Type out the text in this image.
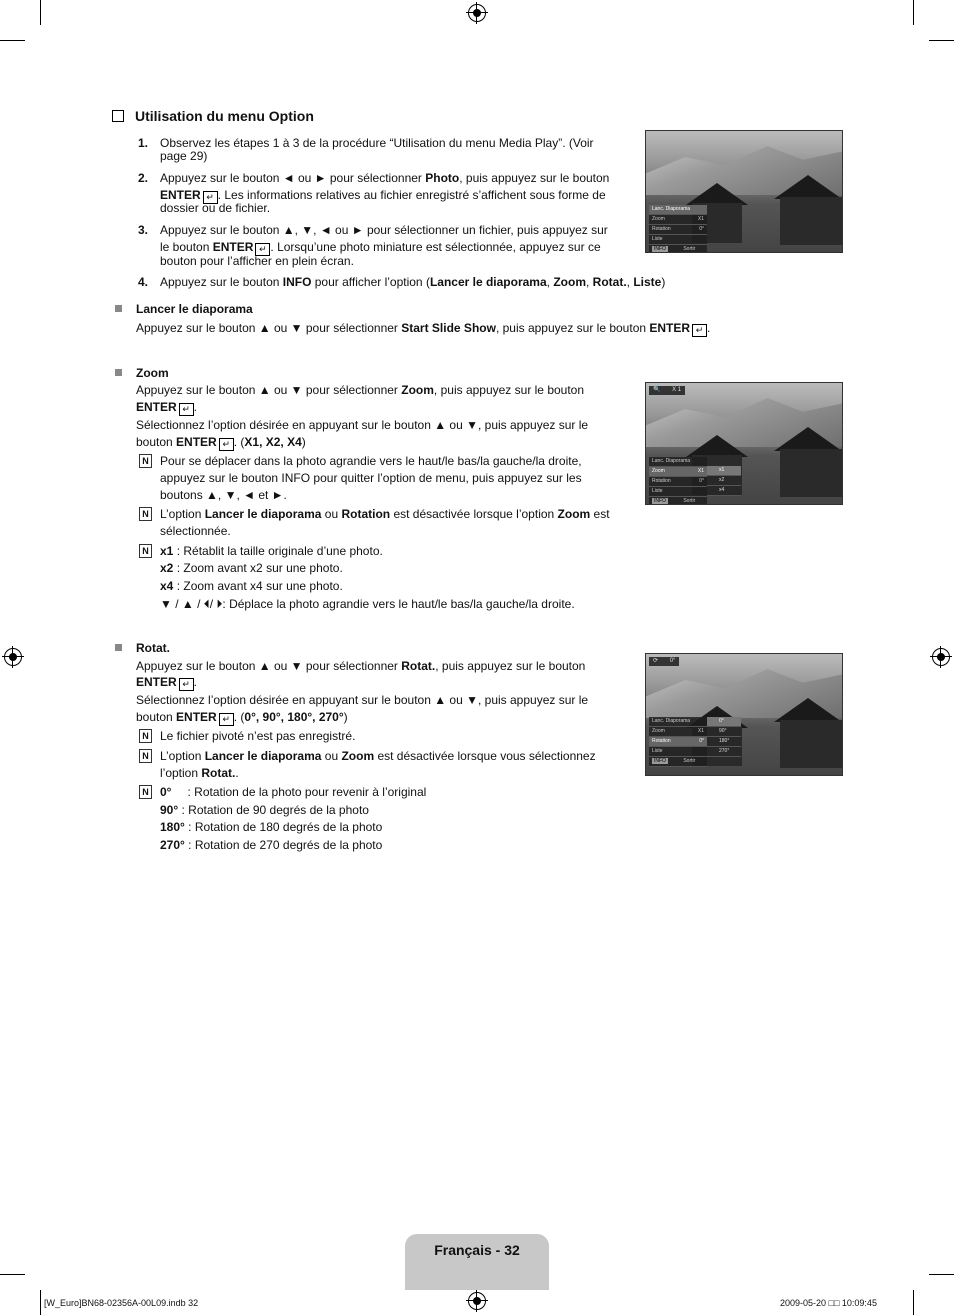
Utilisation du menu Option
1. Observez les étapes 1 à 3 de la procédure “Utilisation du menu Media Play”. (Voir
page 29)
2. Appuyez sur le bouton ◄ ou ► pour sélectionner Photo, puis appuyez sur le bouton
ENTER ↵ . Les informations relatives au fichier enregistré s’affichent sous forme de
dossier ou de fichier.
3. Appuyez sur le bouton ▲, ▼, ◄ ou ► pour sélectionner un fichier, puis appuyez sur
le bouton ENTER ↵ . Lorsqu’une photo miniature est sélectionnée, appuyez sur ce
bouton pour l’afficher en plein écran.
4. Appuyez sur le bouton INFO pour afficher l’option (Lancer le diaporama, Zoom, Rotat., Liste)
Lanc. Diaporama
Zoom	X1
Rotation	0°
Liste
INFO	Sortir
Lancer le diaporama
Appuyez sur le bouton ▲ ou ▼ pour sélectionner Start Slide Show, puis appuyez sur le bouton ENTER ↵ .
Zoom
Appuyez sur le bouton ▲ ou ▼ pour sélectionner Zoom, puis appuyez sur le bouton
ENTER ↵ .
Sélectionnez l’option désirée en appuyant sur le bouton ▲ ou ▼, puis appuyez sur le
bouton ENTER ↵ . (X1, X2, X4)
N Pour se déplacer dans la photo agrandie vers le haut/le bas/la gauche/la droite,
appuyez sur le bouton INFO pour quitter l’option de menu, puis appuyez sur les
boutons ▲, ▼, ◄ et ►.
N L’option Lancer le diaporama ou Rotation est désactivée lorsque l’option Zoom est
sélectionnée.
N x1 : Rétablit la taille originale d’une photo.
x2 : Zoom avant x2 sur une photo.
x4 : Zoom avant x4 sur une photo.
▼ / ▲ / ⏴/ ⏵: Déplace la photo agrandie vers le haut/le bas/la gauche/la droite.
🔍 X 1
Lanc. Diaporama
Zoom	X1
Rotation	0°
Liste
INFO	Sortir
x1
x2
x4
Rotat.
Appuyez sur le bouton ▲ ou ▼ pour sélectionner Rotat., puis appuyez sur le bouton
ENTER ↵ .
Sélectionnez l’option désirée en appuyant sur le bouton ▲ ou ▼, puis appuyez sur le
bouton ENTER ↵ . (0°, 90°, 180°, 270°)
N Le fichier pivoté n’est pas enregistré.
N L’option Lancer le diaporama ou Zoom est désactivée lorsque vous sélectionnez
l’option Rotat..
N 0° : Rotation de la photo pour revenir à l’original
90° : Rotation de 90 degrés de la photo
180° : Rotation de 180 degrés de la photo
270° : Rotation de 270 degrés de la photo
⟳ 0°
Lanc. Diaporama
Zoom	X1
Rotation	0°
Liste
INFO	Sortir
0°
90°
180°
270°
Français - 32
[W_Euro]BN68-02356A-00L09.indb 32	2009-05-20 □□ 10:09:45
